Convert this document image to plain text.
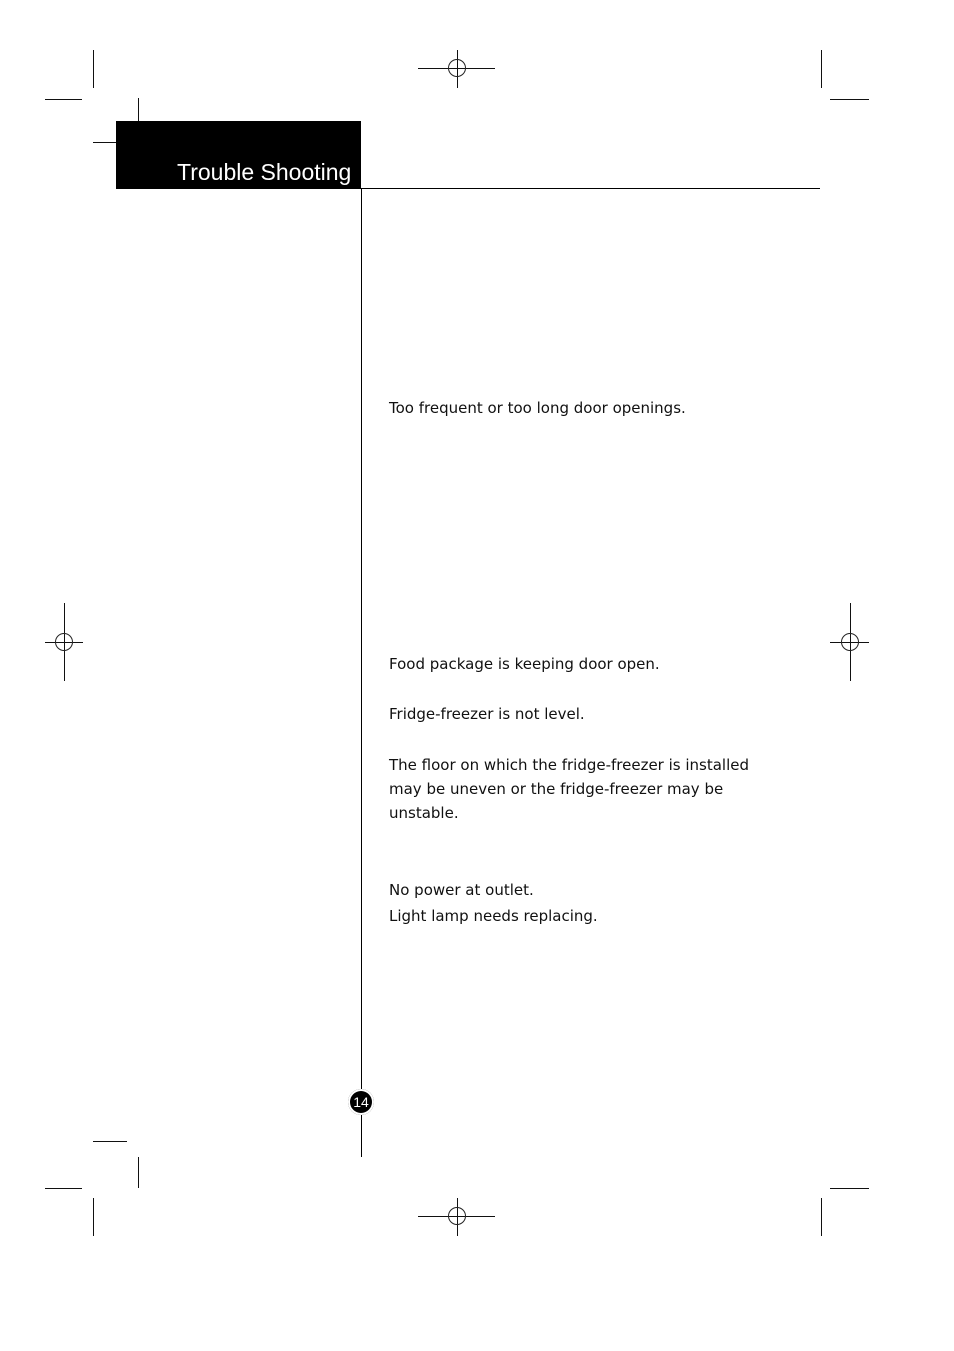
Trouble Shooting

Too frequent or too long door openings.

Food package is keeping door open.

Fridge-freezer is not level.

The floor on which the fridge-freezer is installed may be uneven or the fridge-freezer may be unstable.

No power at outlet.

Light lamp needs replacing.

14
